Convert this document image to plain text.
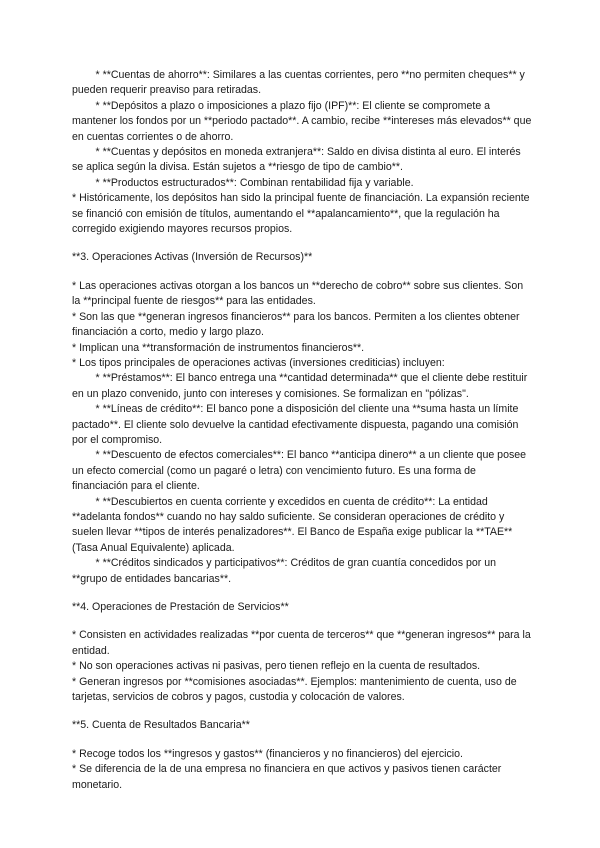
* **Cuentas de ahorro**: Similares a las cuentas corrientes, pero **no permiten cheques** y pueden requerir preaviso para retiradas.

* **Depósitos a plazo o imposiciones a plazo fijo (IPF)**: El cliente se compromete a mantener los fondos por un **periodo pactado**. A cambio, recibe **intereses más elevados** que en cuentas corrientes o de ahorro.

* **Cuentas y depósitos en moneda extranjera**: Saldo en divisa distinta al euro. El interés se aplica según la divisa. Están sujetos a **riesgo de tipo de cambio**.

* **Productos estructurados**: Combinan rentabilidad fija y variable.

* Históricamente, los depósitos han sido la principal fuente de financiación. La expansión reciente se financió con emisión de títulos, aumentando el **apalancamiento**, que la regulación ha corregido exigiendo mayores recursos propios.

**3. Operaciones Activas (Inversión de Recursos)**

* Las operaciones activas otorgan a los bancos un **derecho de cobro** sobre sus clientes. Son la **principal fuente de riesgos** para las entidades.

* Son las que **generan ingresos financieros** para los bancos. Permiten a los clientes obtener financiación a corto, medio y largo plazo.

* Implican una **transformación de instrumentos financieros**.

* Los tipos principales de operaciones activas (inversiones crediticias) incluyen:

* **Préstamos**: El banco entrega una **cantidad determinada** que el cliente debe restituir en un plazo convenido, junto con intereses y comisiones. Se formalizan en "pólizas".

* **Líneas de crédito**: El banco pone a disposición del cliente una **suma hasta un límite pactado**. El cliente solo devuelve la cantidad efectivamente dispuesta, pagando una comisión por el compromiso.

* **Descuento de efectos comerciales**: El banco **anticipa dinero** a un cliente que posee un efecto comercial (como un pagaré o letra) con vencimiento futuro. Es una forma de financiación para el cliente.

* **Descubiertos en cuenta corriente y excedidos en cuenta de crédito**: La entidad **adelanta fondos** cuando no hay saldo suficiente. Se consideran operaciones de crédito y suelen llevar **tipos de interés penalizadores**. El Banco de España exige publicar la **TAE** (Tasa Anual Equivalente) aplicada.

* **Créditos sindicados y participativos**: Créditos de gran cuantía concedidos por un **grupo de entidades bancarias**.

**4. Operaciones de Prestación de Servicios**

* Consisten en actividades realizadas **por cuenta de terceros** que **generan ingresos** para la entidad.

* No son operaciones activas ni pasivas, pero tienen reflejo en la cuenta de resultados.

* Generan ingresos por **comisiones asociadas**. Ejemplos: mantenimiento de cuenta, uso de tarjetas, servicios de cobros y pagos, custodia y colocación de valores.

**5. Cuenta de Resultados Bancaria**

* Recoge todos los **ingresos y gastos** (financieros y no financieros) del ejercicio.

* Se diferencia de la de una empresa no financiera en que activos y pasivos tienen carácter monetario.
